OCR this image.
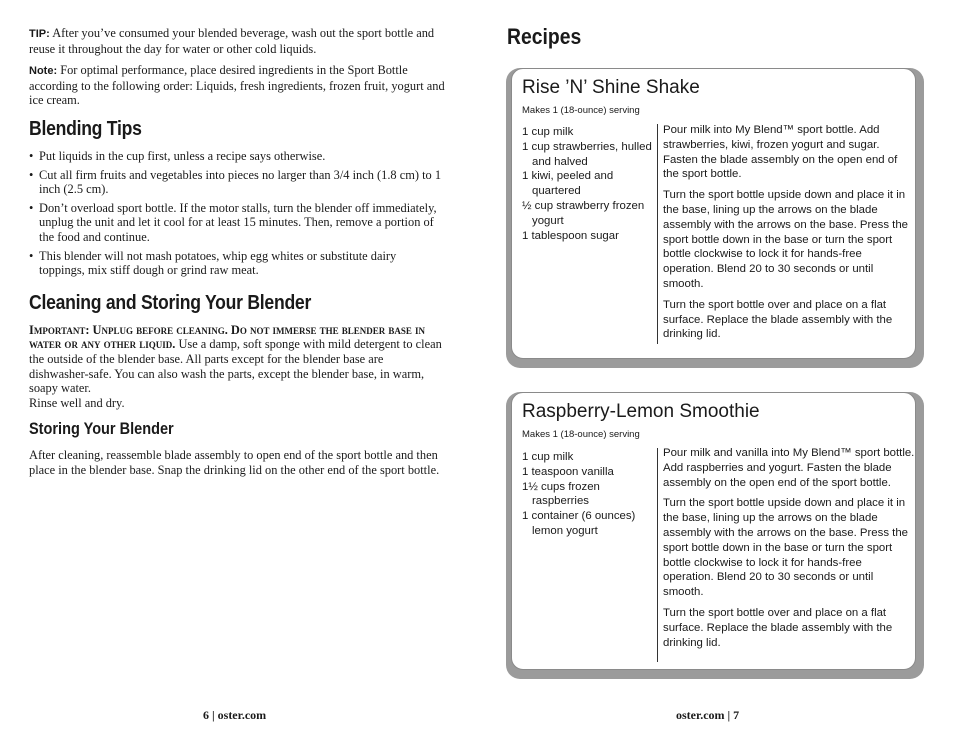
TIP: After you’ve consumed your blended beverage, wash out the sport bottle and reuse it throughout the day for water or other cold liquids.

Note: For optimal performance, place desired ingredients in the Sport Bottle according to the following order: Liquids, fresh ingredients, frozen fruit, yogurt and ice cream.

Blending Tips
• Put liquids in the cup first, unless a recipe says otherwise.
• Cut all firm fruits and vegetables into pieces no larger than 3/4 inch (1.8 cm) to 1 inch (2.5 cm).
• Don’t overload sport bottle. If the motor stalls, turn the blender off immediately, unplug the unit and let it cool for at least 15 minutes. Then, remove a portion of the food and continue.
• This blender will not mash potatoes, whip egg whites or substitute dairy toppings, mix stiff dough or grind raw meat.
Cleaning and Storing Your Blender

Important: Unplug before cleaning. Do not immerse the blender base in water or any other liquid. Use a damp, soft sponge with mild detergent to clean the outside of the blender base. All parts except for the blender base are dishwasher-safe. You can also wash the parts, except the blender base, in warm, soapy water.

Rinse well and dry.

Storing Your Blender

After cleaning, reassemble blade assembly to open end of the sport bottle and then place in the blender base. Snap the drinking lid on the other end of the sport bottle.

6 | oster.com
Recipes
Rise ’N’ Shine Shake
Makes 1 (18-ounce) serving
1 cup milk
1 cup strawberries, hulled and halved
1 kiwi, peeled and quartered
½ cup strawberry frozen yogurt
1 tablespoon sugar

Pour milk into My Blend™ sport bottle. Add strawberries, kiwi, frozen yogurt and sugar. Fasten the blade assembly on the open end of the sport bottle.

Turn the sport bottle upside down and place it in the base, lining up the arrows on the blade assembly with the arrows on the base. Press the sport bottle down in the base or turn the sport bottle clockwise to lock it for hands-free operation. Blend 20 to 30 seconds or until smooth.

Turn the sport bottle over and place on a flat surface. Replace the blade assembly with the drinking lid.

Raspberry-Lemon Smoothie
Makes 1 (18-ounce) serving
1 cup milk
1 teaspoon vanilla
1½ cups frozen raspberries
1 container (6 ounces) lemon yogurt

Pour milk and vanilla into My Blend™ sport bottle. Add raspberries and yogurt. Fasten the blade assembly on the open end of the sport bottle.

Turn the sport bottle upside down and place it in the base, lining up the arrows on the blade assembly with the arrows on the base. Press the sport bottle down in the base or turn the sport bottle clockwise to lock it for hands-free operation. Blend 20 to 30 seconds or until smooth.

Turn the sport bottle over and place on a flat surface. Replace the blade assembly with the drinking lid.

oster.com | 7
